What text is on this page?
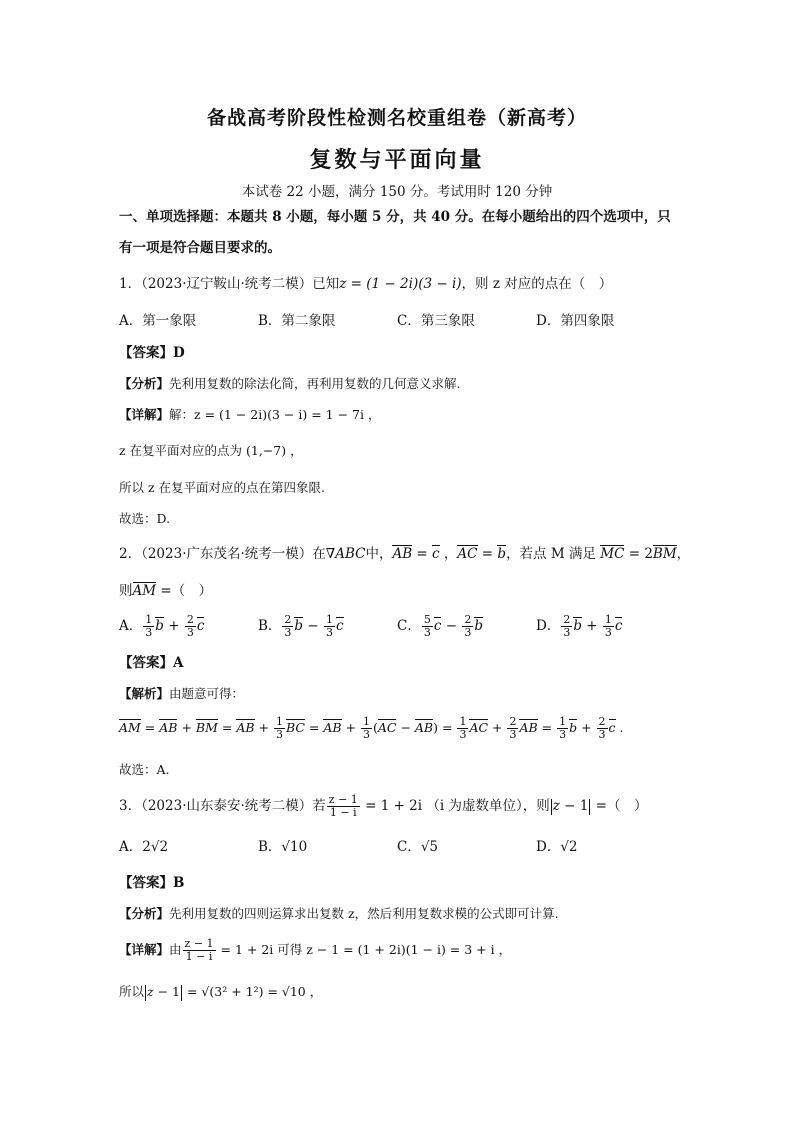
备战高考阶段性检测名校重组卷（新高考）
复数与平面向量
本试卷 22 小题，满分 150 分。考试用时 120 分钟
一、单项选择题：本题共 8 小题，每小题 5 分，共 40 分。在每小题给出的四个选项中，只
有一项是符合题目要求的。
1．（2023·辽宁鞍山·统考二模）已知z = (1 − 2i)(3 − i)，则 z 对应的点在（　）
A．第一象限	B．第二象限	C．第三象限	D．第四象限
【答案】D
【分析】先利用复数的除法化简，再利用复数的几何意义求解.
【详解】解：z = (1 − 2i)(3 − i) = 1 − 7i ，
z 在复平面对应的点为 (1,−7) ，
所以 z 在复平面对应的点在第四象限.
故选：D.
2．（2023·广东茂名·统考一模）在∇ABC中，AB = c ，AC = b，若点 M 满足 MC = 2BM，
则AM =（　）
A． $\frac{1}{3}$ $b + \frac{2}{3}$ c	B． $\frac{2}{3}$ $b - \frac{1}{3}$ c	C． $\frac{5}{3}$ $c - \frac{2}{3}$ b	D． $\frac{2}{3}$ $b + \frac{1}{3}$ c
【答案】A
【解析】由题意可得：
AM = AB + BM = AB + $\frac{1}{3}$ BC = AB + $\frac{1}{3} (AC - AB) = \frac{1}{3}$ AC + $\frac{2}{3}$ AB = $\frac{1}{3}$ $b + \frac{2}{3}$ c .
故选：A.
3．（2023·山东泰安·统考二模）若 $\frac{z - 1}{1 - i} = 1 + 2i$ （i 为虚数单位），则 z − 1 =（　）
A．2√2	B．√10	C．√5	D．√2
【答案】B
【分析】先利用复数的四则运算求出复数 z，然后利用复数求模的公式即可计算.
【详解】由 $\frac{z - 1}{1 - i} = 1 + 2i$ 可得 z − 1 = (1 + 2i)(1 − i) = 3 + i ，
所以 z − 1 = √(3² + 1²) = √10 ，
